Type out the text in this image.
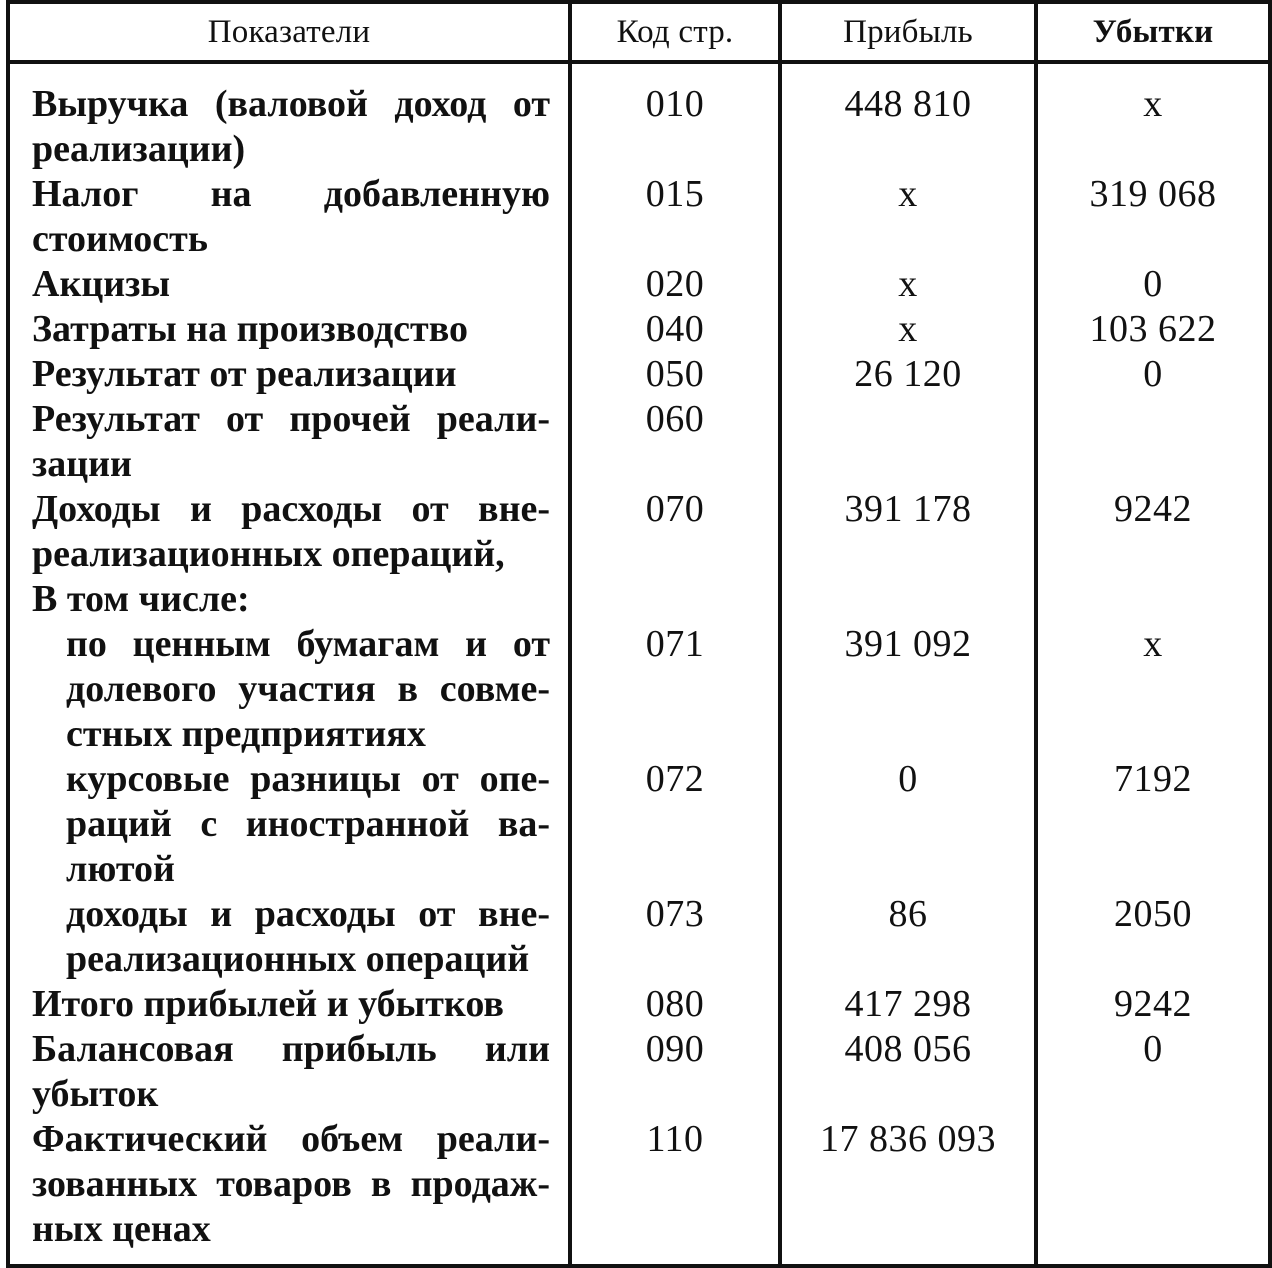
Показатели	Код стр.	Прибыль	Убытки

Выручка (валовой доход от реализации)	010	448 810	х

Налог на добавленную стоимость	015	х	319 068

Акцизы	020	х	0

Затраты на производство	040	х	103 622

Результат от реализации	050	26 120	0

Результат от прочей реали-зации	060		

Доходы и расходы от вне-реализационных операций,	070	391 178	9242

В том числе:			

по ценным бумагам и от долевого участия в совме-стных предприятиях	071	391 092	х

курсовые разницы от опе-раций с иностранной ва-лютой	072	0	7192

доходы и расходы от вне-реализационных операций	073	86	2050

Итого прибылей и убытков	080	417 298	9242

Балансовая прибыль или убыток	090	408 056	0

Фактический объем реали-зованных товаров в продаж-ных ценах	110	17 836 093	
